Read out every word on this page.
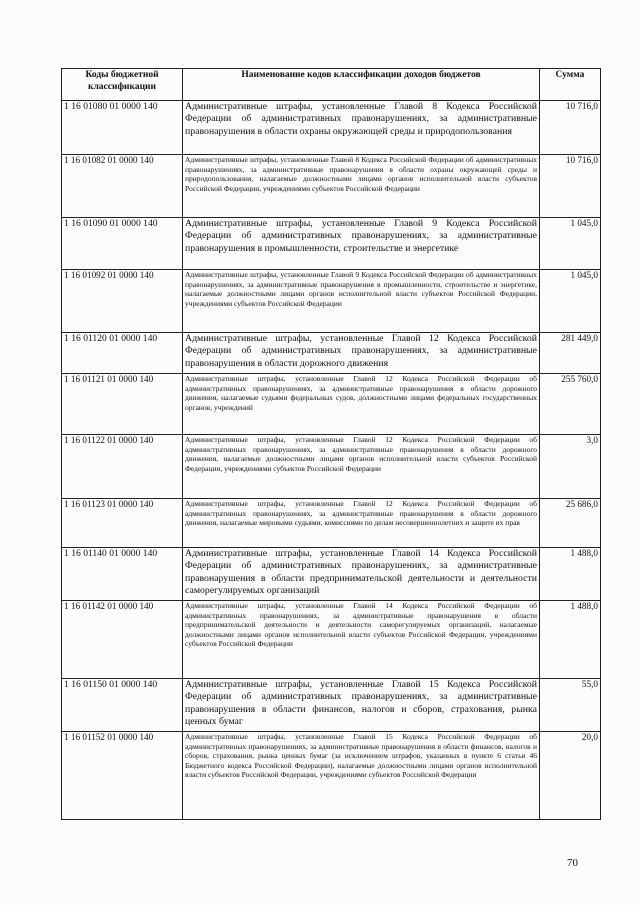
Коды бюджетной классификации	Наименование кодов классификации доходов бюджетов	Сумма
1 16 01080 01 0000 140	Административные штрафы, установленные Главой 8 Кодекса Российской Федерации об административных правонарушениях, за административные правонарушения в области охраны окружающей среды и природопользования	10 716,0
1 16 01082 01 0000 140	Административные штрафы, установленные Главой 8 Кодекса Российской Федерации об административных правонарушениях, за административные правонарушения в области охраны окружающей среды и природопользования, налагаемые должностными лицами органов исполнительной власти субъектов Российской Федерации, учреждениями субъектов Российской Федерации	10 716,0
1 16 01090 01 0000 140	Административные штрафы, установленные Главой 9 Кодекса Российской Федерации об административных правонарушениях, за административные правонарушения в промышленности, строительстве и энергетике	1 045,0
1 16 01092 01 0000 140	Административные штрафы, установленные Главой 9 Кодекса Российской Федерации об административных правонарушениях, за административные правонарушения в промышленности, строительстве и энергетике, налагаемые должностными лицами органов исполнительной власти субъектов Российской Федерации, учреждениями субъектов Российской Федерации	1 045,0
1 16 01120 01 0000 140	Административные штрафы, установленные Главой 12 Кодекса Российской Федерации об административных правонарушениях, за административные правонарушения в области дорожного движения	281 449,0
1 16 01121 01 0000 140	Административные штрафы, установленные Главой 12 Кодекса Российской Федерации об административных правонарушениях, за административные правонарушения в области дорожного движения, налагаемые судьями федеральных судов, должностными лицами федеральных государственных органов, учреждений	255 760,0
1 16 01122 01 0000 140	Административные штрафы, установленные Главой 12 Кодекса Российской Федерации об административных правонарушениях, за административные правонарушения в области дорожного движения, налагаемые должностными лицами органов исполнительной власти субъектов Российской Федерации, учреждениями субъектов Российской Федерации	3,0
1 16 01123 01 0000 140	Административные штрафы, установленные Главой 12 Кодекса Российской Федерации об административных правонарушениях, за административные правонарушения в области дорожного движения, налагаемые мировыми судьями, комиссиями по делам несовершеннолетних и защите их прав	25 686,0
1 16 01140 01 0000 140	Административные штрафы, установленные Главой 14 Кодекса Российской Федерации об административных правонарушениях, за административные правонарушения в области предпринимательской деятельности и деятельности саморегулируемых организаций	1 488,0
1 16 01142 01 0000 140	Административные штрафы, установленные Главой 14 Кодекса Российской Федерации об административных правонарушениях, за административные правонарушения в области предпринимательской деятельности и деятельности саморегулируемых организаций, налагаемые должностными лицами органов исполнительной власти субъектов Российской Федерации, учреждениями субъектов Российской Федерации	1 488,0
1 16 01150 01 0000 140	Административные штрафы, установленные Главой 15 Кодекса Российской Федерации об административных правонарушениях, за административные правонарушения в области финансов, налогов и сборов, страхования, рынка ценных бумаг	55,0
1 16 01152 01 0000 140	Административные штрафы, установленные Главой 15 Кодекса Российской Федерации об административных правонарушениях, за административные правонарушения в области финансов, налогов и сборов, страхования, рынка ценных бумаг (за исключением штрафов, указанных в пункте 6 статьи 46 Бюджетного кодекса Российской Федерации), налагаемые должностными лицами органов исполнительной власти субъектов Российской Федерации, учреждениями субъектов Российской Федерации	20,0
70
